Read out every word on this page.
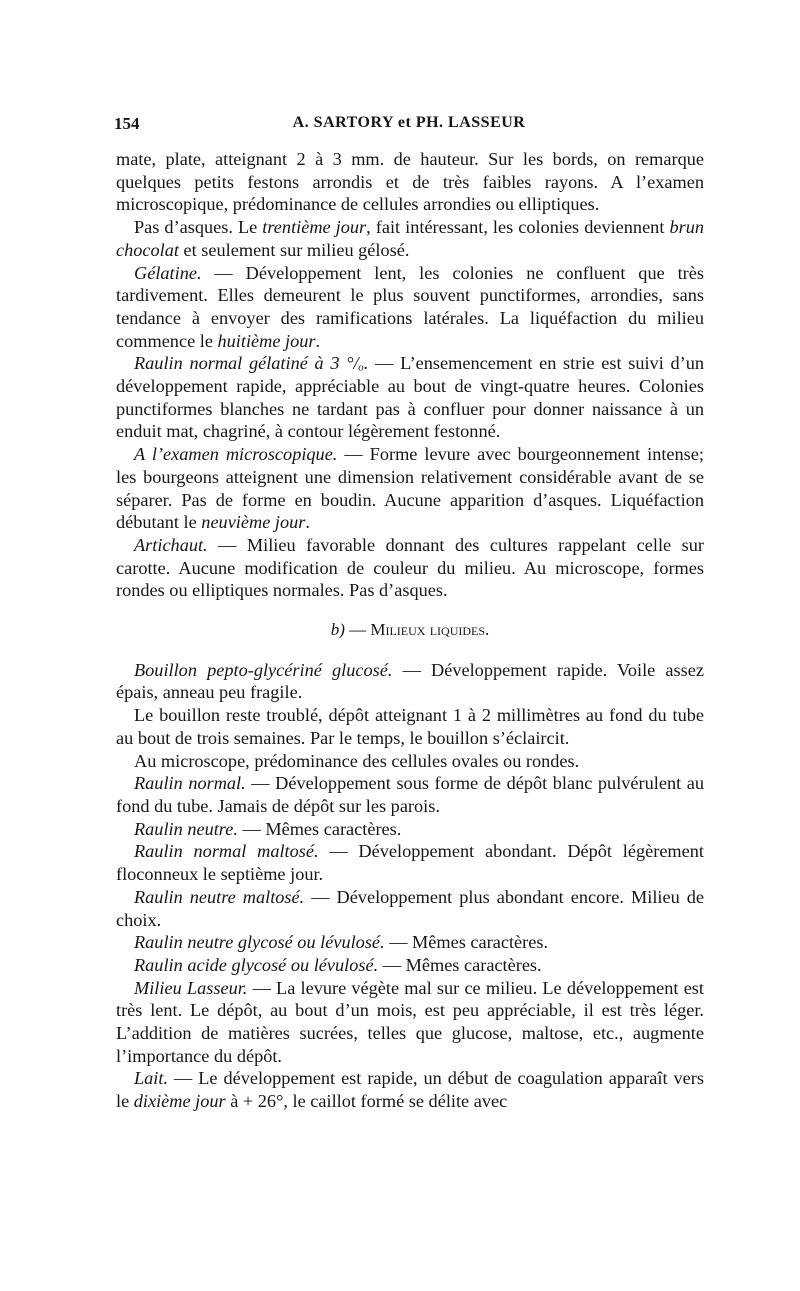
154	A. SARTORY et PH. LASSEUR

mate, plate, atteignant 2 à 3 mm. de hauteur. Sur les bords, on remarque quelques petits festons arrondis et de très faibles rayons. A l’examen microscopique, prédominance de cellules arrondies ou elliptiques.

Pas d’asques. Le trentième jour, fait intéressant, les colonies deviennent brun chocolat et seulement sur milieu gélosé.

Gélatine. — Développement lent, les colonies ne confluent que très tardivement. Elles demeurent le plus souvent punctiformes, arrondies, sans tendance à envoyer des ramifications latérales. La liquéfaction du milieu commence le huitième jour.

Raulin normal gélatiné à 3 °/ₒ. — L’ensemencement en strie est suivi d’un développement rapide, appréciable au bout de vingt-quatre heures. Colonies punctiformes blanches ne tardant pas à confluer pour donner naissance à un enduit mat, chagriné, à contour légèrement festonné.

A l’examen microscopique. — Forme levure avec bourgeonnement intense; les bourgeons atteignent une dimension relativement considérable avant de se séparer. Pas de forme en boudin. Aucune apparition d’asques. Liquéfaction débutant le neuvième jour.

Artichaut. — Milieu favorable donnant des cultures rappelant celle sur carotte. Aucune modification de couleur du milieu. Au microscope, formes rondes ou elliptiques normales. Pas d’asques.

b) — Milieux liquides.

Bouillon pepto-glycériné glucosé. — Développement rapide. Voile assez épais, anneau peu fragile.

Le bouillon reste troublé, dépôt atteignant 1 à 2 millimètres au fond du tube au bout de trois semaines. Par le temps, le bouillon s’éclaircit.

Au microscope, prédominance des cellules ovales ou rondes.

Raulin normal. — Développement sous forme de dépôt blanc pulvérulent au fond du tube. Jamais de dépôt sur les parois.

Raulin neutre. — Mêmes caractères.

Raulin normal maltosé. — Développement abondant. Dépôt légèrement floconneux le septième jour.

Raulin neutre maltosé. — Développement plus abondant encore. Milieu de choix.

Raulin neutre glycosé ou lévulosé. — Mêmes caractères.

Raulin acide glycosé ou lévulosé. — Mêmes caractères.

Milieu Lasseur. — La levure végète mal sur ce milieu. Le développement est très lent. Le dépôt, au bout d’un mois, est peu appréciable, il est très léger. L’addition de matières sucrées, telles que glucose, maltose, etc., augmente l’importance du dépôt.

Lait. — Le développement est rapide, un début de coagulation apparaît vers le dixième jour à + 26°, le caillot formé se délite avec
